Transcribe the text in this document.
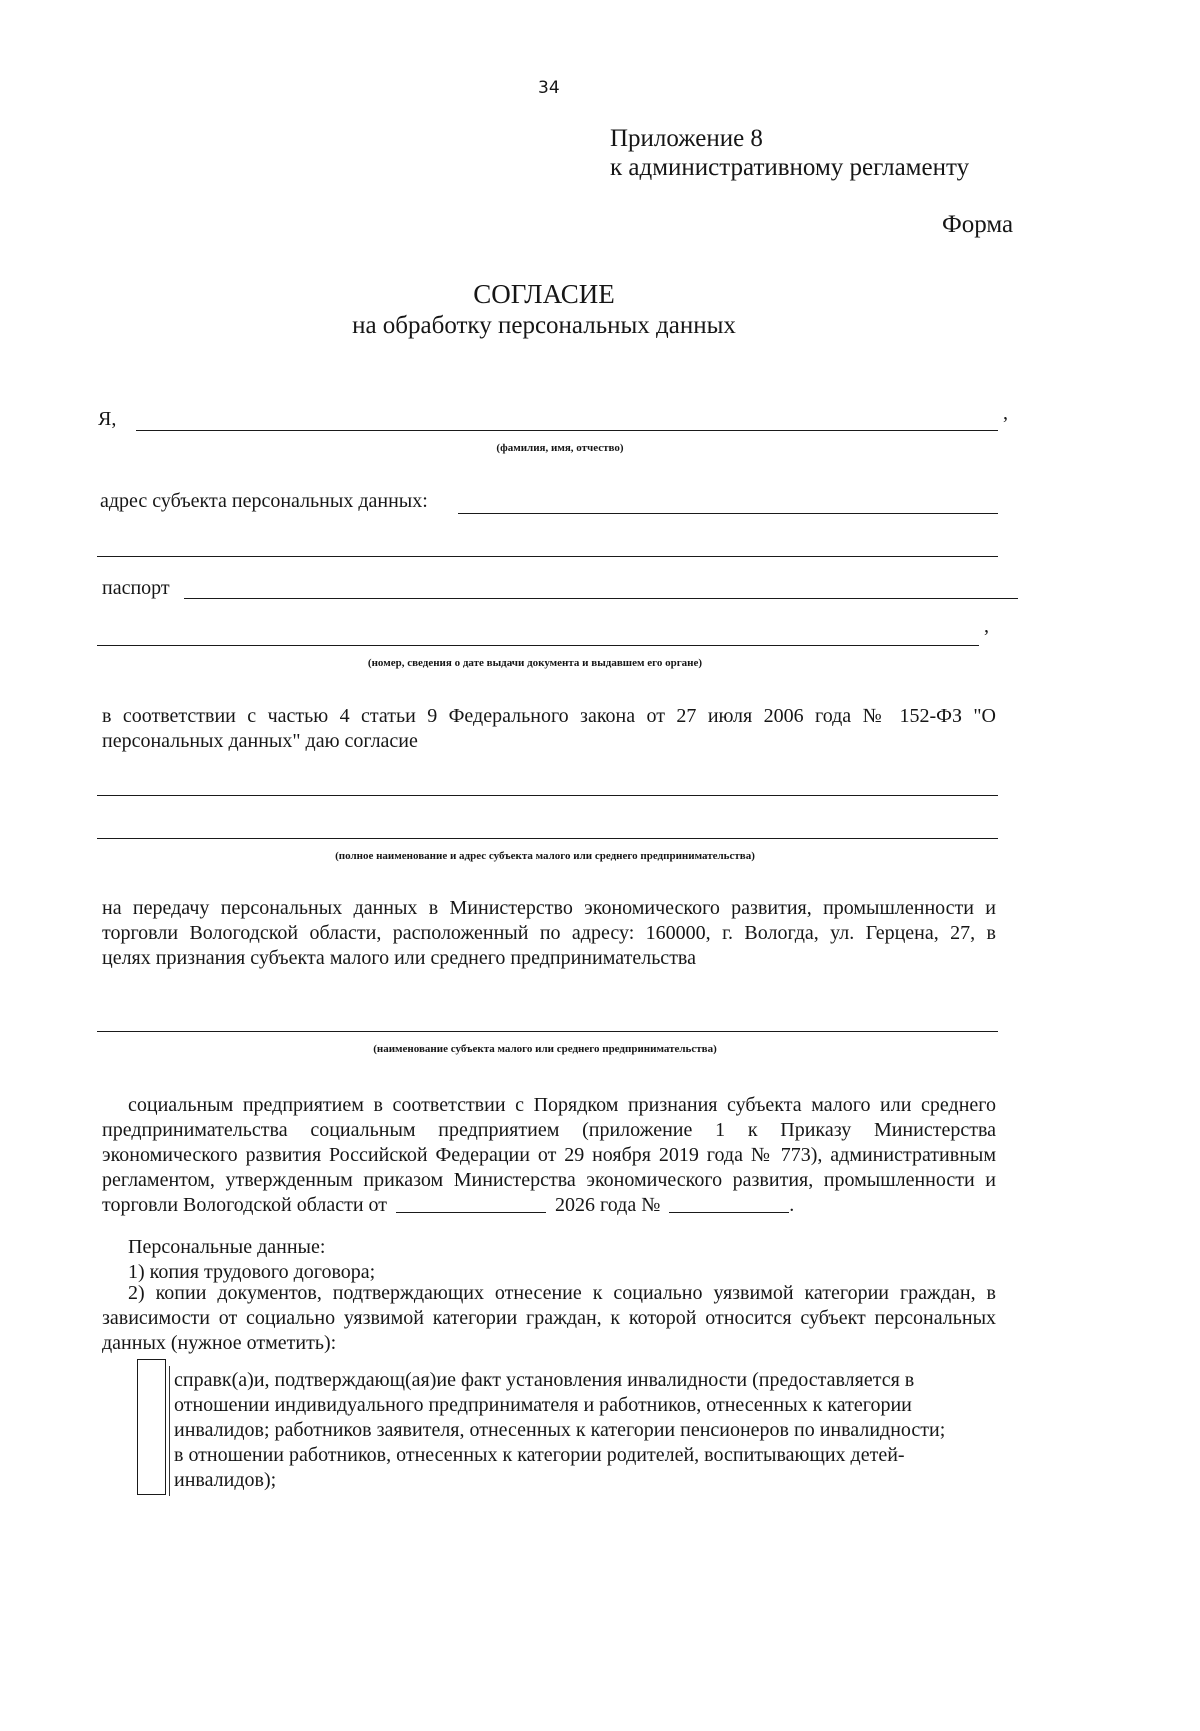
34
Приложение 8
к административному регламенту
Форма
СОГЛАСИЕ
на обработку персональных данных
Я,	,
(фамилия, имя, отчество)
адрес субъекта персональных данных:
паспорт
,
(номер, сведения о дате выдачи документа и выдавшем его органе)
в соответствии с частью 4 статьи 9 Федерального закона от 27 июля 2006 года № 152-ФЗ "О
персональных данных" даю согласие
(полное наименование и адрес субъекта малого или среднего предпринимательства)
на передачу персональных данных в Министерство экономического развития, промышленности и
торговли Вологодской области, расположенный по адресу: 160000, г. Вологда, ул. Герцена, 27, в
целях признания субъекта малого или среднего предпринимательства
(наименование субъекта малого или среднего предпринимательства)
социальным предприятием в соответствии с Порядком признания субъекта малого или среднего
предпринимательства социальным предприятием (приложение 1 к Приказу Министерства
экономического развития Российской Федерации от 29 ноября 2019 года № 773), административным
регламентом, утвержденным приказом Министерства экономического развития, промышленности и
торговли Вологодской области от	2026 года №	.
Персональные данные:
1) копия трудового договора;
2) копии документов, подтверждающих отнесение к социально уязвимой категории граждан, в
зависимости от социально уязвимой категории граждан, к которой относится субъект персональных
данных (нужное отметить):
справк(а)и, подтверждающ(ая)ие факт установления инвалидности (предоставляется в
отношении индивидуального предпринимателя и работников, отнесенных к категории
инвалидов; работников заявителя, отнесенных к категории пенсионеров по инвалидности;
в отношении работников, отнесенных к категории родителей, воспитывающих детей-
инвалидов);
